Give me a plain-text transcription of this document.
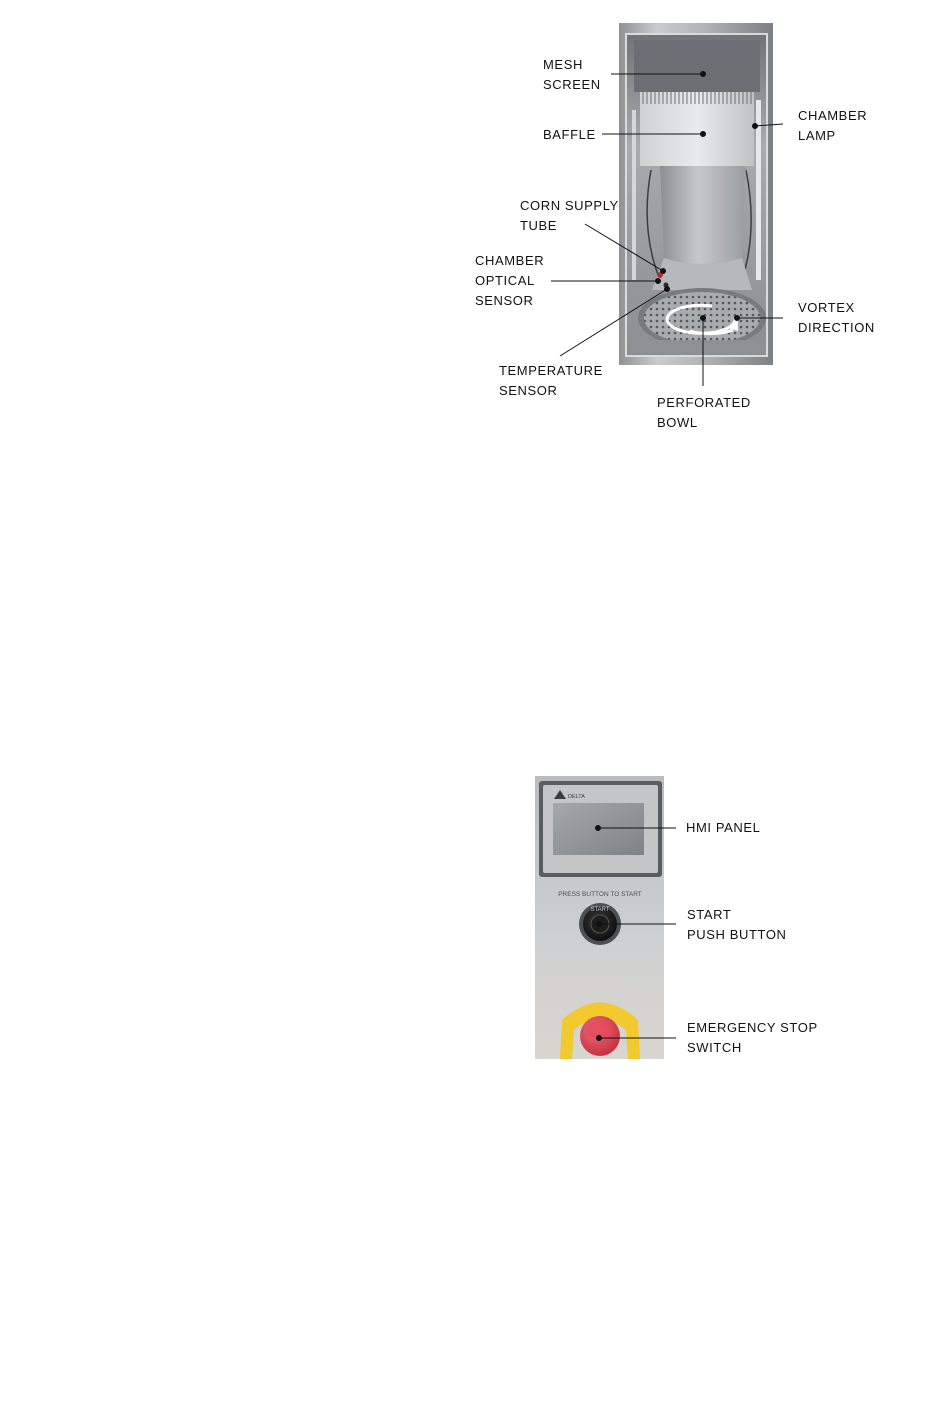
DELTA
PRESS BUTTON TO START
START
MESH
SCREEN
BAFFLE
CHAMBER
LAMP
CORN SUPPLY
TUBE
CHAMBER
OPTICAL
SENSOR	VORTEX
DIRECTION
TEMPERATURE
SENSOR
PERFORATED
BOWL
HMI PANEL
START
PUSH BUTTON
EMERGENCY STOP
SWITCH
